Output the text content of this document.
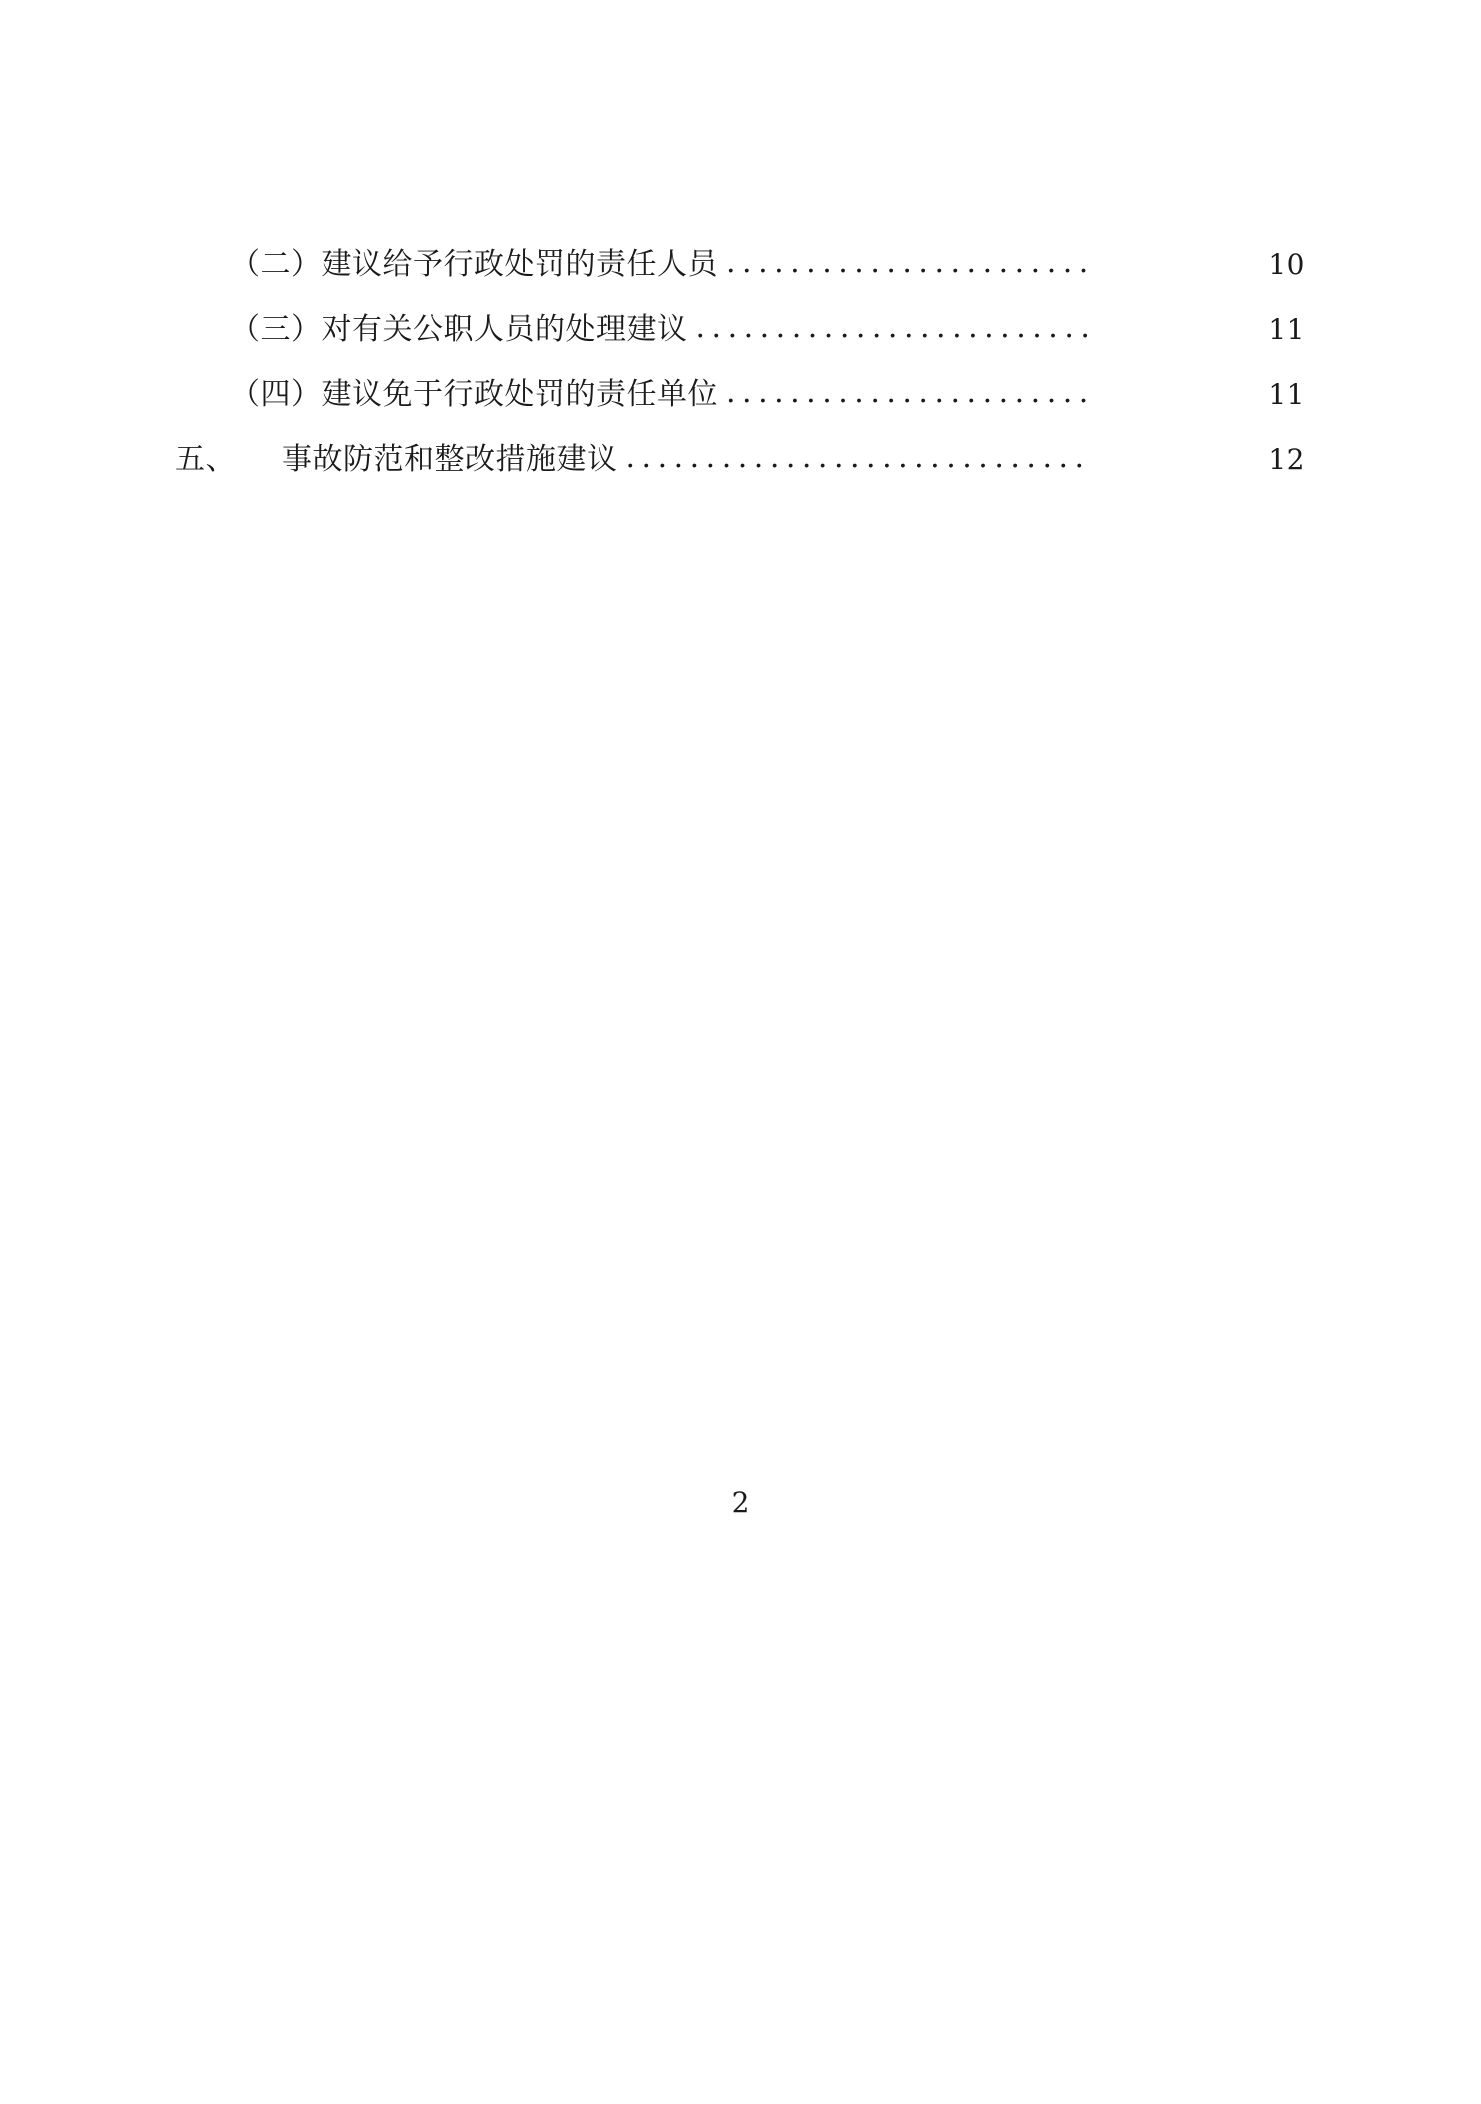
（二）建议给予行政处罚的责任人员 .......................	10
（三）对有关公职人员的处理建议 .........................	11
（四）建议免于行政处罚的责任单位 .......................	11
五、 事故防范和整改措施建议 .............................	12
2
